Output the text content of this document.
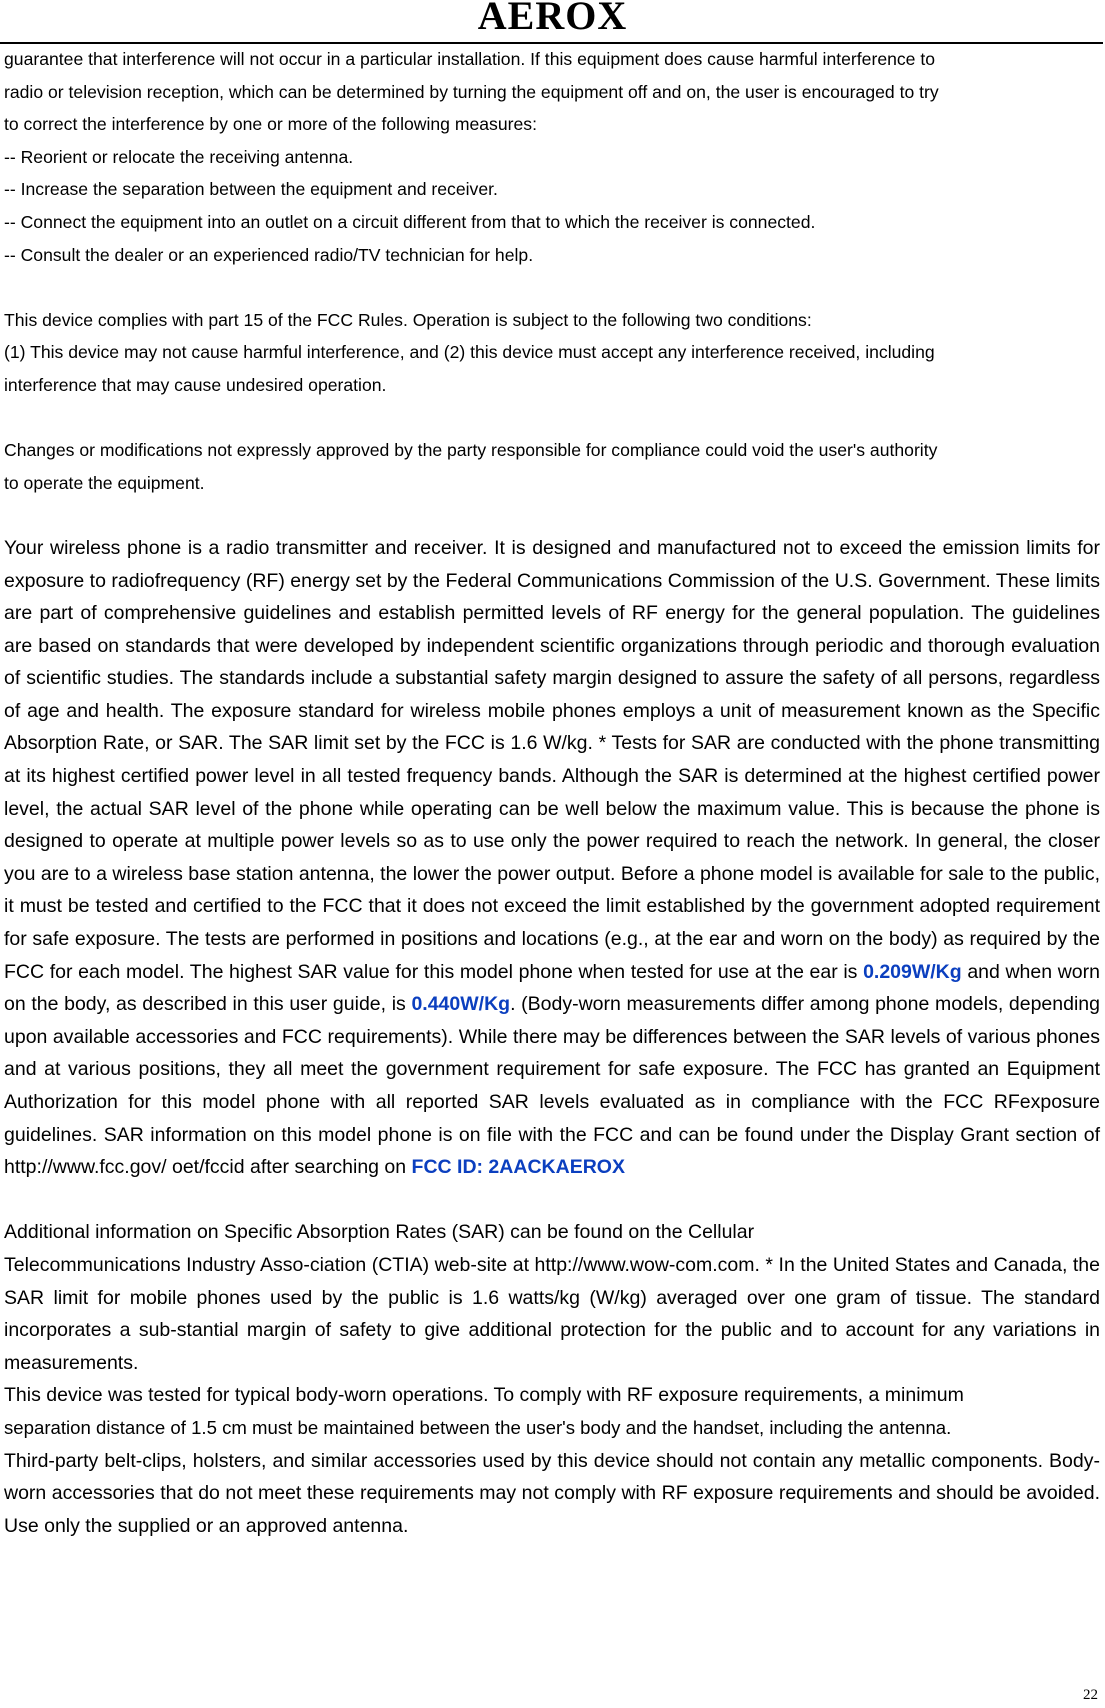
AEROX

guarantee that interference will not occur in a particular installation. If this equipment does cause harmful interference to

radio or television reception, which can be determined by turning the equipment off and on, the user is encouraged to try

to correct the interference by one or more of the following measures:

-- Reorient or relocate the receiving antenna.

-- Increase the separation between the equipment and receiver.

-- Connect the equipment into an outlet on a circuit different from that to which the receiver is connected.

-- Consult the dealer or an experienced radio/TV technician for help.

This device complies with part 15 of the FCC Rules. Operation is subject to the following two conditions:

(1) This device may not cause harmful interference, and (2) this device must accept any interference received, including

interference that may cause undesired operation.

Changes or modifications not expressly approved by the party responsible for compliance could void the user's authority

to operate the equipment.

Your wireless phone is a radio transmitter and receiver. It is designed and manufactured not to exceed the emission limits for exposure to radiofrequency (RF) energy set by the Federal Communications Commission of the U.S. Government. These limits are part of comprehensive guidelines and establish permitted levels of RF energy for the general population. The guidelines are based on standards that were developed by independent scientific organizations through periodic and thorough evaluation of scientific studies. The standards include a substantial safety margin designed to assure the safety of all persons, regardless of age and health. The exposure standard for wireless mobile phones employs a unit of measurement known as the Specific Absorption Rate, or SAR. The SAR limit set by the FCC is 1.6 W/kg. * Tests for SAR are conducted with the phone transmitting at its highest certified power level in all tested frequency bands. Although the SAR is determined at the highest certified power level, the actual SAR level of the phone while operating can be well below the maximum value. This is because the phone is designed to operate at multiple power levels so as to use only the power required to reach the network. In general, the closer you are to a wireless base station antenna, the lower the power output. Before a phone model is available for sale to the public, it must be tested and certified to the FCC that it does not exceed the limit established by the government adopted requirement for safe exposure. The tests are performed in positions and locations (e.g., at the ear and worn on the body) as required by the FCC for each model. The highest SAR value for this model phone when tested for use at the ear is 0.209W/Kg and when worn on the body, as described in this user guide, is 0.440W/Kg. (Body-worn measurements differ among phone models, depending upon available accessories and FCC requirements). While there may be differences between the SAR levels of various phones and at various positions, they all meet the government requirement for safe exposure. The FCC has granted an Equipment Authorization for this model phone with all reported SAR levels evaluated as in compliance with the FCC RFexposure guidelines. SAR information on this model phone is on file with the FCC and can be found under the Display Grant section of http://www.fcc.gov/ oet/fccid after searching on FCC ID: 2AACKAEROX

Additional information on Specific Absorption Rates (SAR) can be found on the Cellular

Telecommunications Industry Asso-ciation (CTIA) web-site at http://www.wow-com.com. * In the United States and Canada, the SAR limit for mobile phones used by the public is 1.6 watts/kg (W/kg) averaged over one gram of tissue. The standard incorporates a sub-stantial margin of safety to give additional protection for the public and to account for any variations in measurements.

This device was tested for typical body-worn operations. To comply with RF exposure requirements, a minimum

separation distance of 1.5 cm must be maintained between the user's body and the handset, including the antenna.

Third-party belt-clips, holsters, and similar accessories used by this device should not contain any metallic components. Body-worn accessories that do not meet these requirements may not comply with RF exposure requirements and should be avoided. Use only the supplied or an approved antenna.

22
